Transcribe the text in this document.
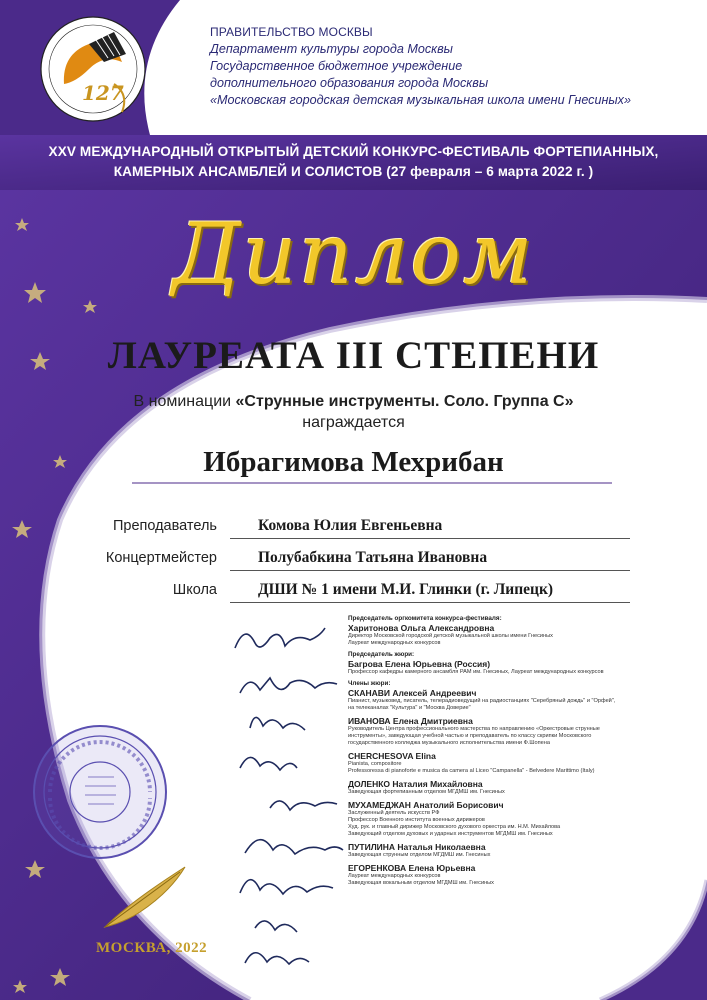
127
ПРАВИТЕЛЬСТВО МОСКВЫ
Департамент культуры города Москвы
Государственное бюджетное учреждение
дополнительного образования города Москвы
«Московская городская детская музыкальная школа имени Гнесиных»
XXV МЕЖДУНАРОДНЫЙ ОТКРЫТЫЙ ДЕТСКИЙ КОНКУРС-ФЕСТИВАЛЬ ФОРТЕПИАННЫХ,
КАМЕРНЫХ АНСАМБЛЕЙ И СОЛИСТОВ (27 февраля – 6 марта 2022 г. )
Диплом
ЛАУРЕАТА III СТЕПЕНИ
В номинации «Струнные инструменты. Соло. Группа С»
награждается
Ибрагимова Мехрибан
Преподаватель	Комова Юлия Евгеньевна
Концертмейстер	Полубабкина Татьяна Ивановна
Школа	ДШИ № 1 имени М.И. Глинки (г. Липецк)
Председатель оргкомитета конкурса-фестиваля:
Харитонова Ольга Александровна
Директор Московской городской детской музыкальной школы имени Гнесиных
Лауреат международных конкурсов
Председатель жюри:
Багрова Елена Юрьевна (Россия)
Профессор кафедры камерного ансамбля РАМ им. Гнесиных, Лауреат международных конкурсов
Члены жюри:
СКАНАВИ Алексей Андреевич
Пианист, музыковед, писатель, телерадиоведущий на радиостанциях "Серебряный дождь" и "Орфей",
на телеканалах "Культура" и "Москва Доверие"
ИВАНОВА Елена Дмитриевна
Руководитель Центра профессионального мастерства по направлению «Оркестровые струнные
инструменты», заведующая учебной частью и преподаватель по классу скрипки Московского
государственного колледжа музыкального исполнительства имени Ф.Шопена
CHERCHESOVA Elina
Pianista, compositore
Professoressa di pianoforte e musica da camera al Liceo "Campanella" - Belvedere Marittimo (Italy)
ДОЛЕНКО Наталия Михайловна
Заведующая фортепианным отделом МГДМШ им. Гнесиных
МУХАМЕДЖАН Анатолий Борисович
Заслуженный деятель искусств РФ
Профессор Военного института военных дирижеров
Худ. рук. и главный дирижер Московского духового оркестра им. Н.М. Михайлова
Заведующий отделом духовых и ударных инструментов МГДМШ им. Гнесиных
ПУТИЛИНА Наталья Николаевна
Заведующая струнным отделом МГДМШ им. Гнесиных
ЕГОРЕНКОВА Елена Юрьевна
Лауреат международных конкурсов
Заведующая вокальным отделом МГДМШ им. Гнесиных
МОСКВА, 2022
